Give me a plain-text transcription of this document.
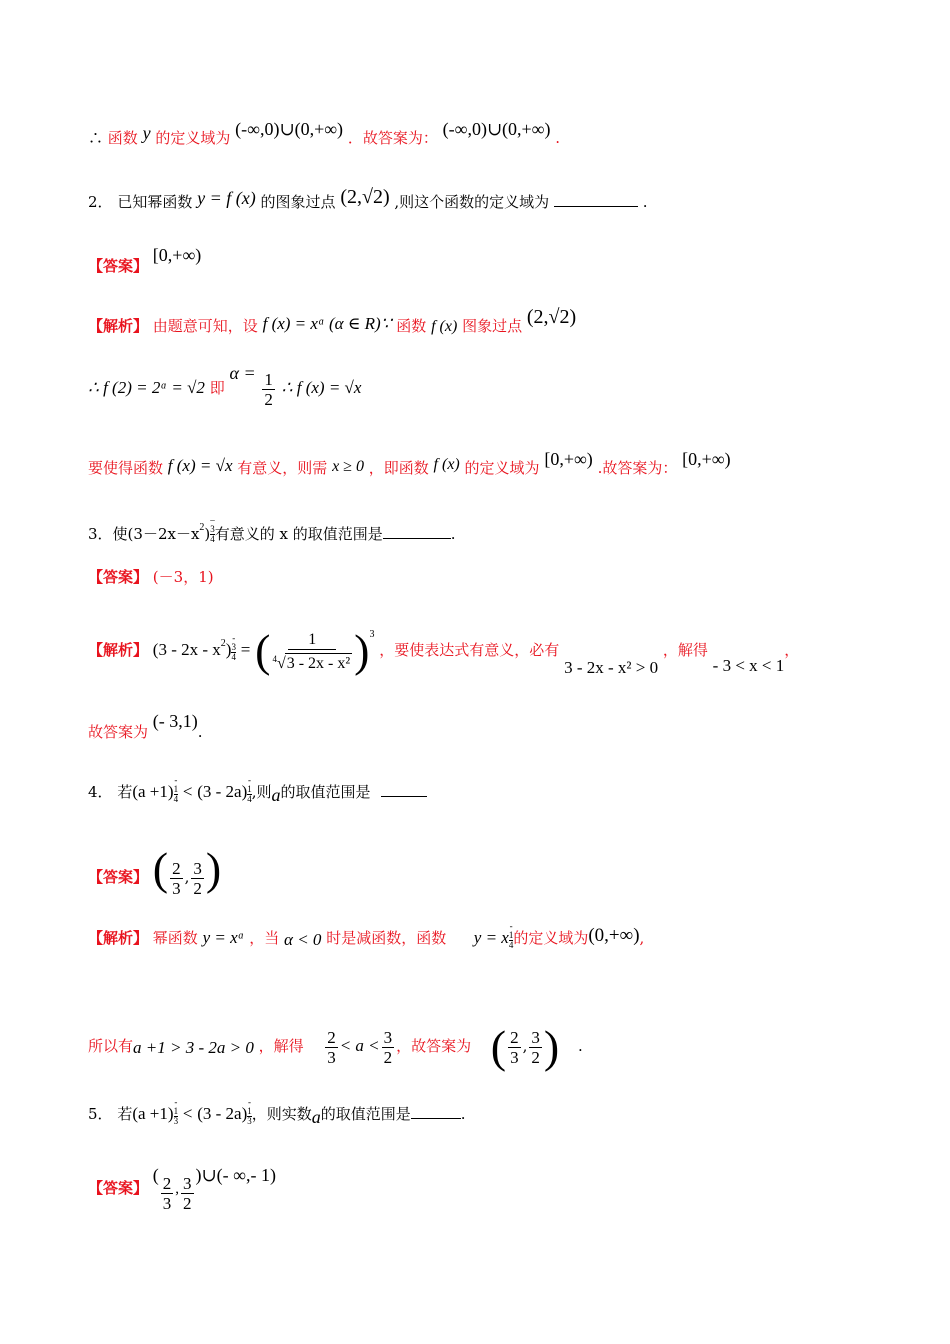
∴ 函数 y 的定义域为 (-∞,0)∪(0,+∞) ．故答案为： (-∞,0)∪(0,+∞) .
2． 已知幂函数 y = f (x) 的图象过点 (2,√2) ,则这个函数的定义域为	.
【答案】 [0,+∞)
【解析】 由题意可知，设 f (x) = xᵅ (α ∈ R)∵ 函数 f (x) 图象过点 (2,√2)
∴ f (2) = 2ᵅ = √2 即 $\alpha = \frac{1}{2}$ ∴ f (x) = √x
要使得函数 f (x) = √x 有意义，则需 x ≥ 0 ，即函数 f (x) 的定义域为 [0,+∞) .故答案为： [0,+∞)
3．使$(3-2x-x^2)-$
3
4 有意义的 x 的取值范围是	.
【答案】 (－3，1)
【解析】 $(3 - 2x - x^2)-$
3
4 = ( $\frac{1}{^4√3 - 2x - x^2} )^3$ ，要使表达式有意义，必有 3 - 2x - x² > 0 ，解得 - 3 < x < 1，
故答案为 (- 3,1).
4． 若(a +1)-
1
4 < (3 - 2a)-
1
4 ,则a的取值范围是
【答案】 ( $\frac{2}{3}$ , $\frac{3}{2}$ )
【解析】 幂函数 y = xᵅ ，当 α < 0 时是减函数，函数 y = x-
1
4 的定义域为(0,+∞),
所以有a +1 > 3 - 2a > 0 ，解得 $\frac{2}{3} < a < \frac{3}{2}$ ，故答案为 ( $\frac{2}{3}$ , $\frac{3}{2}$ ) .
5． 若(a +1)-
1
3 < (3 - 2a)-
1
3 ，则实数a的取值范围是	.
【答案】 ( $\frac{2}{3}$ , $\frac{3}{2}$ )∪(- ∞,- 1)
